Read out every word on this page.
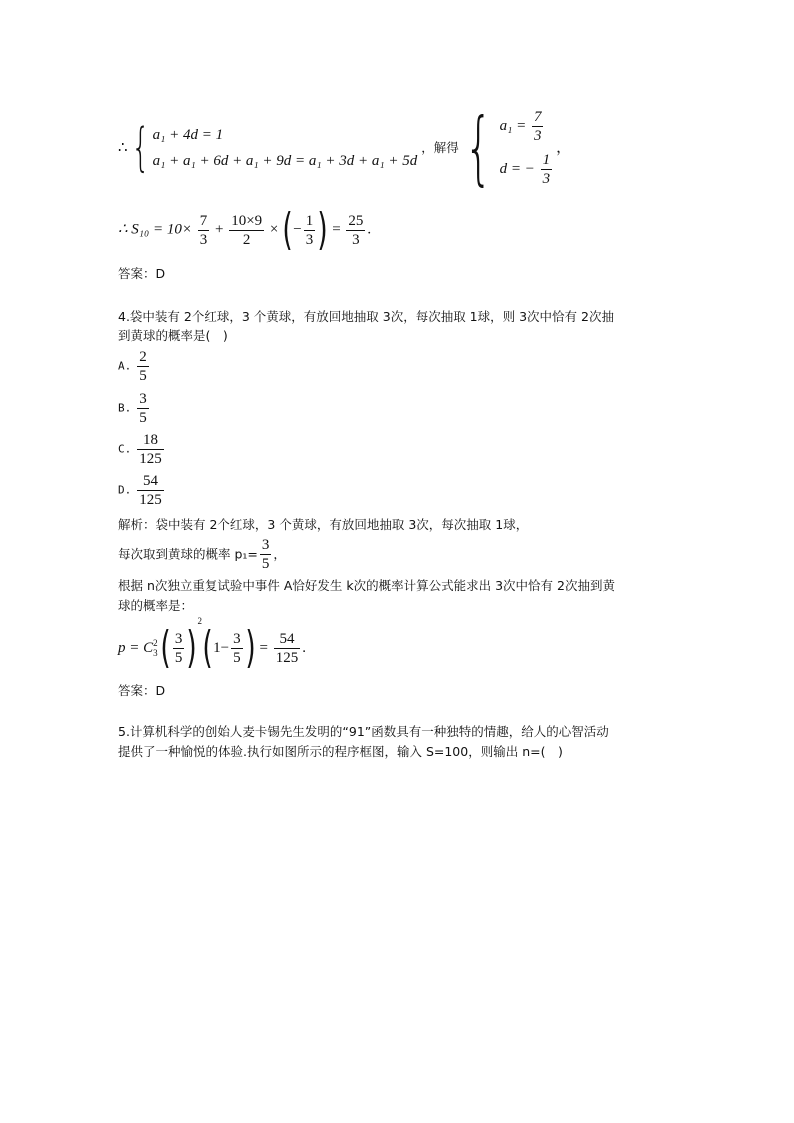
∴ { a₁ + 4d = 1
a₁ + a₁ + 6d + a₁ + 9d = a₁ + 3d + a₁ + 5d
，解得 { $a_1 = \frac{7}{3}$
d = − $\frac{1}{3}$
，
∴ $S_{10} = 10\times \frac{7}{3} + \frac{10\times 9}{2}$ × (− $\frac{1}{3}$ ) = $\frac{25}{3}$ .
答案：D
4.袋中装有 2个红球，3 个黄球，有放回地抽取 3次，每次抽取 1球，则 3次中恰有 2次抽
到黄球的概率是(　)
A. $\frac{2}{5}$
B. $\frac{3}{5}$
C. $\frac{18}{125}$
D. $\frac{54}{125}$
解析：袋中装有 2个红球，3 个黄球，有放回地抽取 3次，每次抽取 1球，
每次取到黄球的概率 $p_1= \frac{3}{5}$ ，
根据 n次独立重复试验中事件 A恰好发生 k次的概率计算公式能求出 3次中恰有 2次抽到黄
球的概率是：
p = C 2
3 ( $\frac{3}{5} )^2(1- \frac{3}{5}$ ) = $\frac{54}{125}$ .
答案：D
5.计算机科学的创始人麦卡锡先生发明的“91”函数具有一种独特的情趣，给人的心智活动
提供了一种愉悦的体验.执行如图所示的程序框图，输入 S=100，则输出 n=(　)
